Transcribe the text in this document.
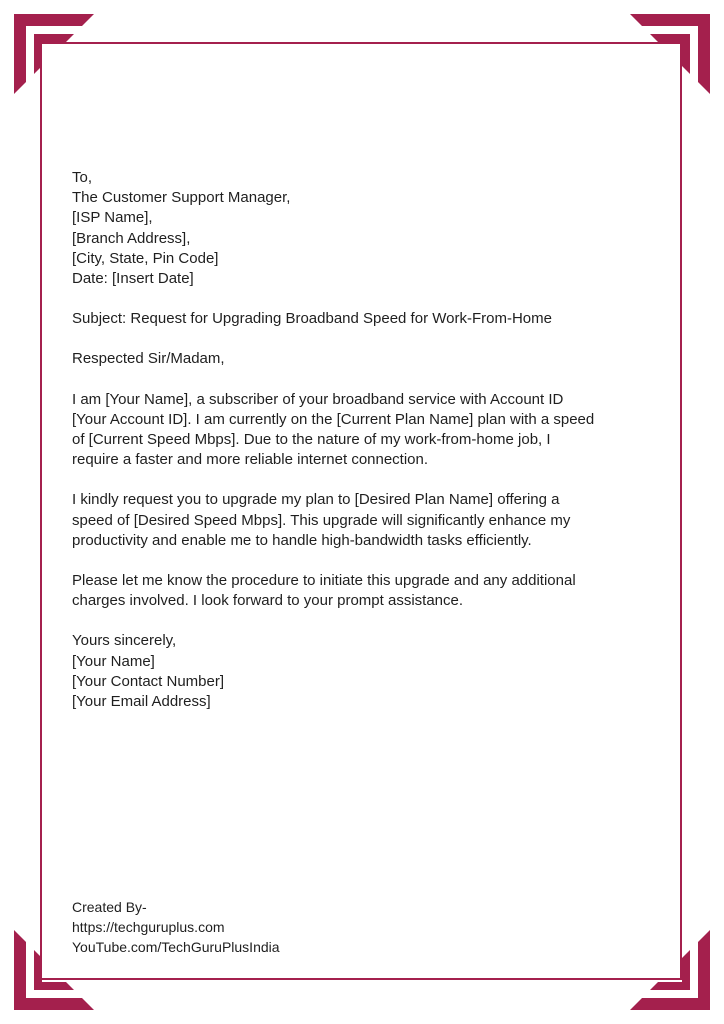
To,
The Customer Support Manager,
[ISP Name],
[Branch Address],
[City, State, Pin Code]
Date: [Insert Date]

Subject: Request for Upgrading Broadband Speed for Work-From-Home

Respected Sir/Madam,

I am [Your Name], a subscriber of your broadband service with Account ID
[Your Account ID]. I am currently on the [Current Plan Name] plan with a speed
of [Current Speed Mbps]. Due to the nature of my work-from-home job, I
require a faster and more reliable internet connection.

I kindly request you to upgrade my plan to [Desired Plan Name] offering a
speed of [Desired Speed Mbps]. This upgrade will significantly enhance my
productivity and enable me to handle high-bandwidth tasks efficiently.

Please let me know the procedure to initiate this upgrade and any additional
charges involved. I look forward to your prompt assistance.

Yours sincerely,
[Your Name]
[Your Contact Number]
[Your Email Address]

Created By-
https://techguruplus.com
YouTube.com/TechGuruPlusIndia
